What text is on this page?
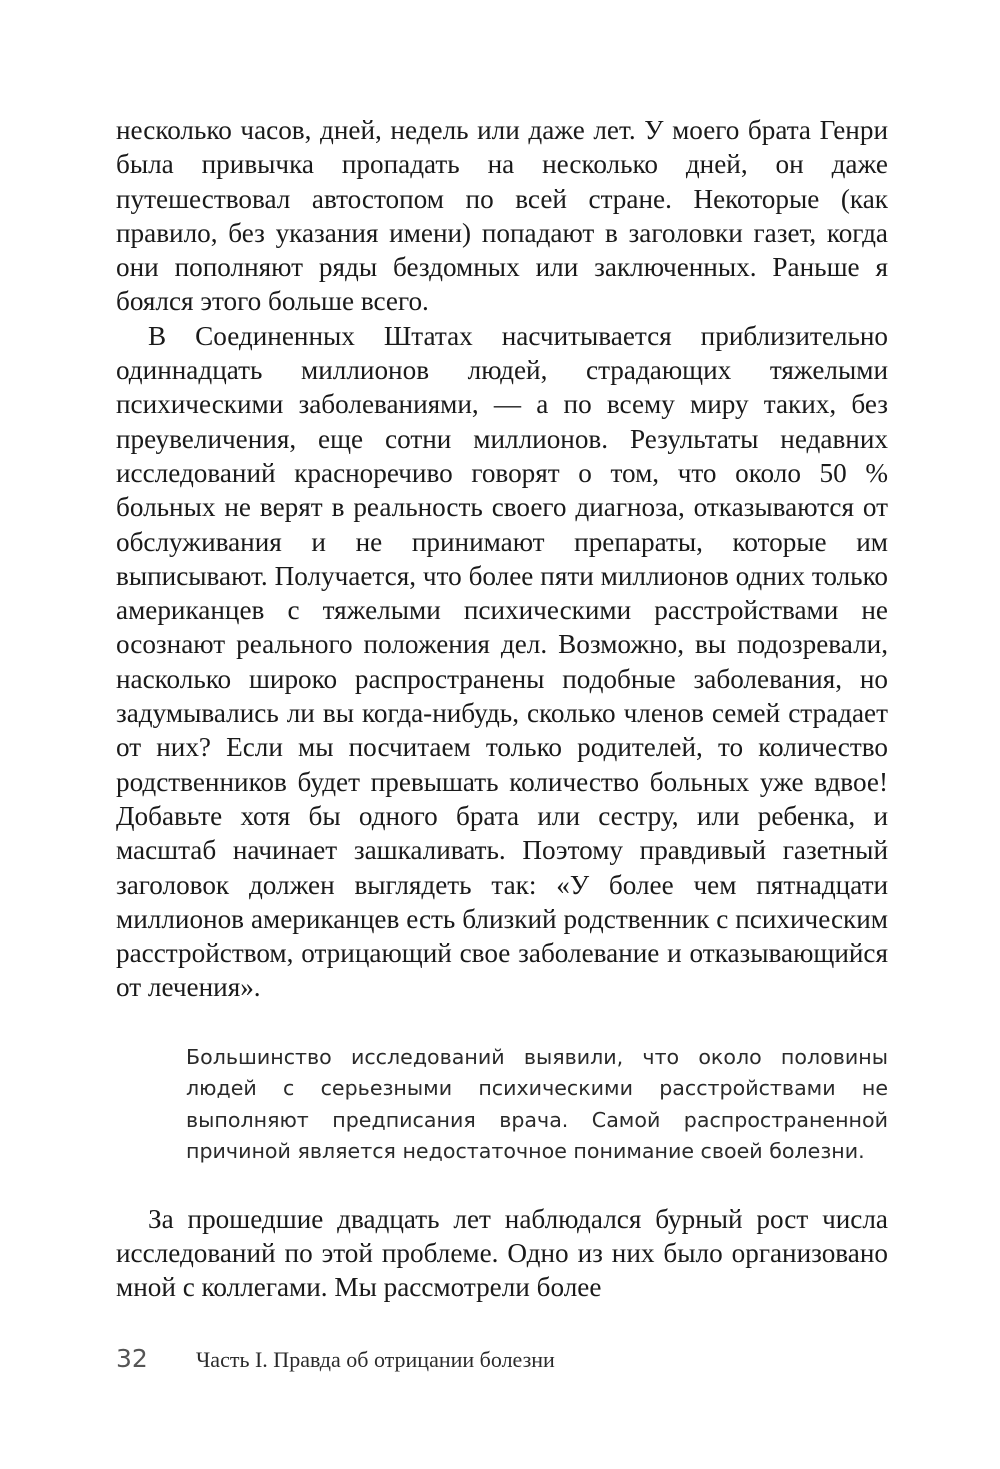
несколько часов, дней, недель или даже лет. У моего брата Генри была привычка пропадать на несколько дней, он даже путешествовал автостопом по всей стране. Некоторые (как правило, без указания имени) попадают в заголовки газет, когда они пополняют ряды бездомных или заключенных. Раньше я боялся этого больше всего.

В Соединенных Штатах насчитывается приблизительно одиннадцать миллионов людей, страдающих тяжелыми психическими заболеваниями, — а по всему миру таких, без преувеличения, еще сотни миллионов. Результаты недавних исследований красноречиво говорят о том, что около 50 % больных не верят в реальность своего диагноза, отказываются от обслуживания и не принимают препараты, которые им выписывают. Получается, что более пяти миллионов одних только американцев с тяжелыми психическими расстройствами не осознают реального положения дел. Возможно, вы подозревали, насколько широко распространены подобные заболевания, но задумывались ли вы когда-нибудь, сколько членов семей страдает от них? Если мы посчитаем только родителей, то количество родственников будет превышать количество больных уже вдвое! Добавьте хотя бы одного брата или сестру, или ребенка, и масштаб начинает зашкаливать. Поэтому правдивый газетный заголовок должен выглядеть так: «У более чем пятнадцати миллионов американцев есть близкий родственник с психическим расстройством, отрицающий свое заболевание и отказывающийся от лечения».

Большинство исследований выявили, что около половины людей с серьезными психическими расстройствами не выполняют предписания врача. Самой распространенной причиной является недостаточное понимание своей болезни.

За прошедшие двадцать лет наблюдался бурный рост числа исследований по этой проблеме. Одно из них было организовано мной с коллегами. Мы рассмотрели более

32	Часть I. Правда об отрицании болезни
